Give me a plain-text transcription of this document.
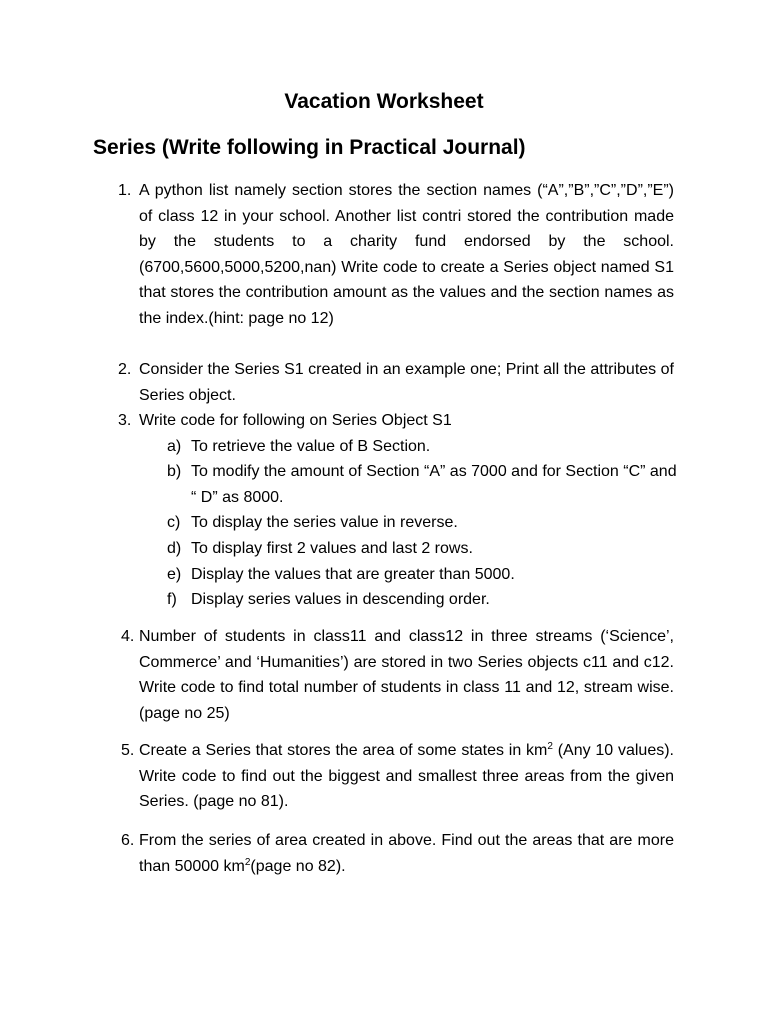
Vacation Worksheet
Series (Write following in Practical Journal)
1. A python list namely section stores the section names (“A”,”B”,”C”,”D”,”E”) of class 12 in your school. Another list contri stored the contribution made by the students to a charity fund endorsed by the school.(6700,5600,5000,5200,nan) Write code to create a Series object named S1 that stores the contribution amount as the values and the section names as the index.(hint: page no 12)
2. Consider the Series S1 created in an example one; Print all the attributes of Series object.
3. Write code for following on Series Object S1
a) To retrieve the value of B Section.
b) To modify the amount of Section “A” as 7000 and for Section “C” and “ D” as 8000.
c) To display the series value in reverse.
d) To display first 2 values and last 2 rows.
e) Display the values that are greater than 5000.
f) Display series values in descending order.
4. Number of students in class11 and class12 in three streams (‘Science’,     Commerce’ and ‘Humanities’) are stored in two Series objects c11 and c12. Write code to find total number of students in class 11 and 12, stream wise.(page no 25)
5. Create a Series that stores the area of some states in $km^2$ (Any 10 values). Write code to find out the biggest and smallest three areas from the given Series. (page no 81).
6. From the series of area created in above. Find out the areas that are more than 50000 $km^2(page$ no 82).
